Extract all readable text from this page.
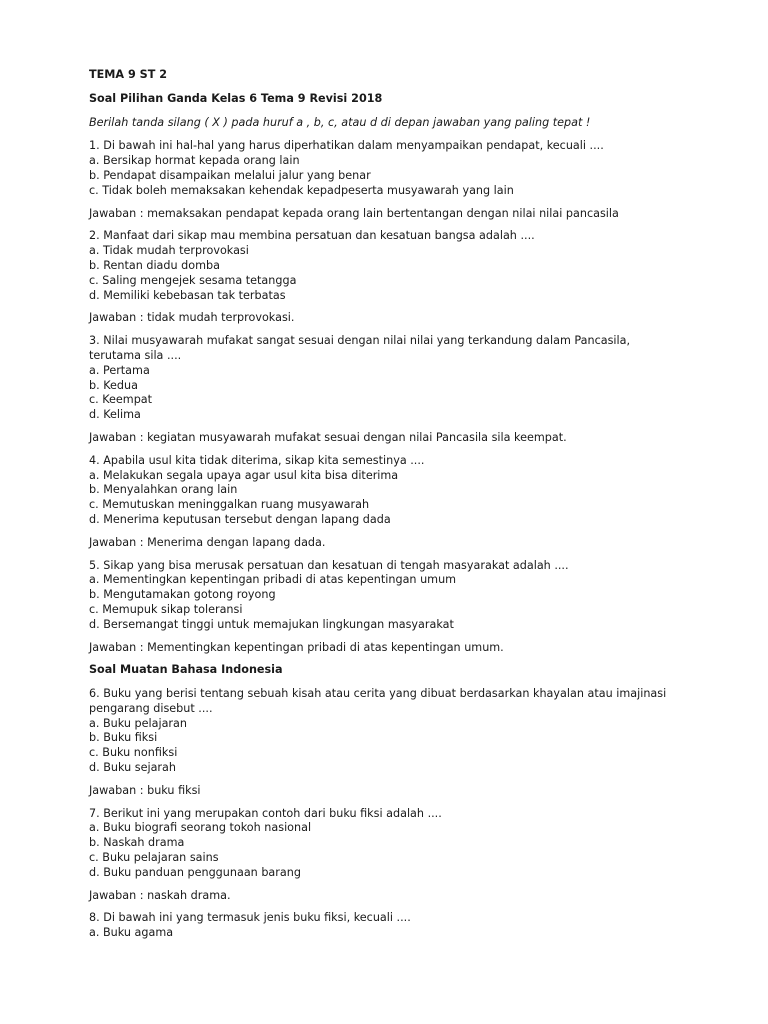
TEMA 9 ST 2
Soal Pilihan Ganda Kelas 6 Tema 9 Revisi 2018
Berilah tanda silang ( X ) pada huruf a , b, c, atau d di depan jawaban yang paling tepat !
1. Di bawah ini hal-hal yang harus diperhatikan dalam menyampaikan pendapat, kecuali ....
a. Bersikap hormat kepada orang lain
b. Pendapat disampaikan melalui jalur yang benar
c. Tidak boleh memaksakan kehendak kepadpeserta musyawarah yang lain
Jawaban : memaksakan pendapat kepada orang lain bertentangan dengan nilai nilai pancasila
2. Manfaat dari sikap mau membina persatuan dan kesatuan bangsa adalah ....
a. Tidak mudah terprovokasi
b. Rentan diadu domba
c. Saling mengejek sesama tetangga
d. Memiliki kebebasan tak terbatas
Jawaban : tidak mudah terprovokasi.
3. Nilai musyawarah mufakat sangat sesuai dengan nilai nilai yang terkandung dalam Pancasila,
terutama sila ....
a. Pertama
b. Kedua
c. Keempat
d. Kelima
Jawaban : kegiatan musyawarah mufakat sesuai dengan nilai Pancasila sila keempat.
4. Apabila usul kita tidak diterima, sikap kita semestinya ....
a. Melakukan segala upaya agar usul kita bisa diterima
b. Menyalahkan orang lain
c. Memutuskan meninggalkan ruang musyawarah
d. Menerima keputusan tersebut dengan lapang dada
Jawaban : Menerima dengan lapang dada.
5. Sikap yang bisa merusak persatuan dan kesatuan di tengah masyarakat adalah ....
a. Mementingkan kepentingan pribadi di atas kepentingan umum
b. Mengutamakan gotong royong
c. Memupuk sikap toleransi
d. Bersemangat tinggi untuk memajukan lingkungan masyarakat
Jawaban : Mementingkan kepentingan pribadi di atas kepentingan umum.
Soal Muatan Bahasa Indonesia
6. Buku yang berisi tentang sebuah kisah atau cerita yang dibuat berdasarkan khayalan atau imajinasi
pengarang disebut ....
a. Buku pelajaran
b. Buku fiksi
c. Buku nonfiksi
d. Buku sejarah
Jawaban : buku fiksi
7. Berikut ini yang merupakan contoh dari buku fiksi adalah ....
a. Buku biografi seorang tokoh nasional
b. Naskah drama
c. Buku pelajaran sains
d. Buku panduan penggunaan barang
Jawaban : naskah drama.
8. Di bawah ini yang termasuk jenis buku fiksi, kecuali ....
a. Buku agama
